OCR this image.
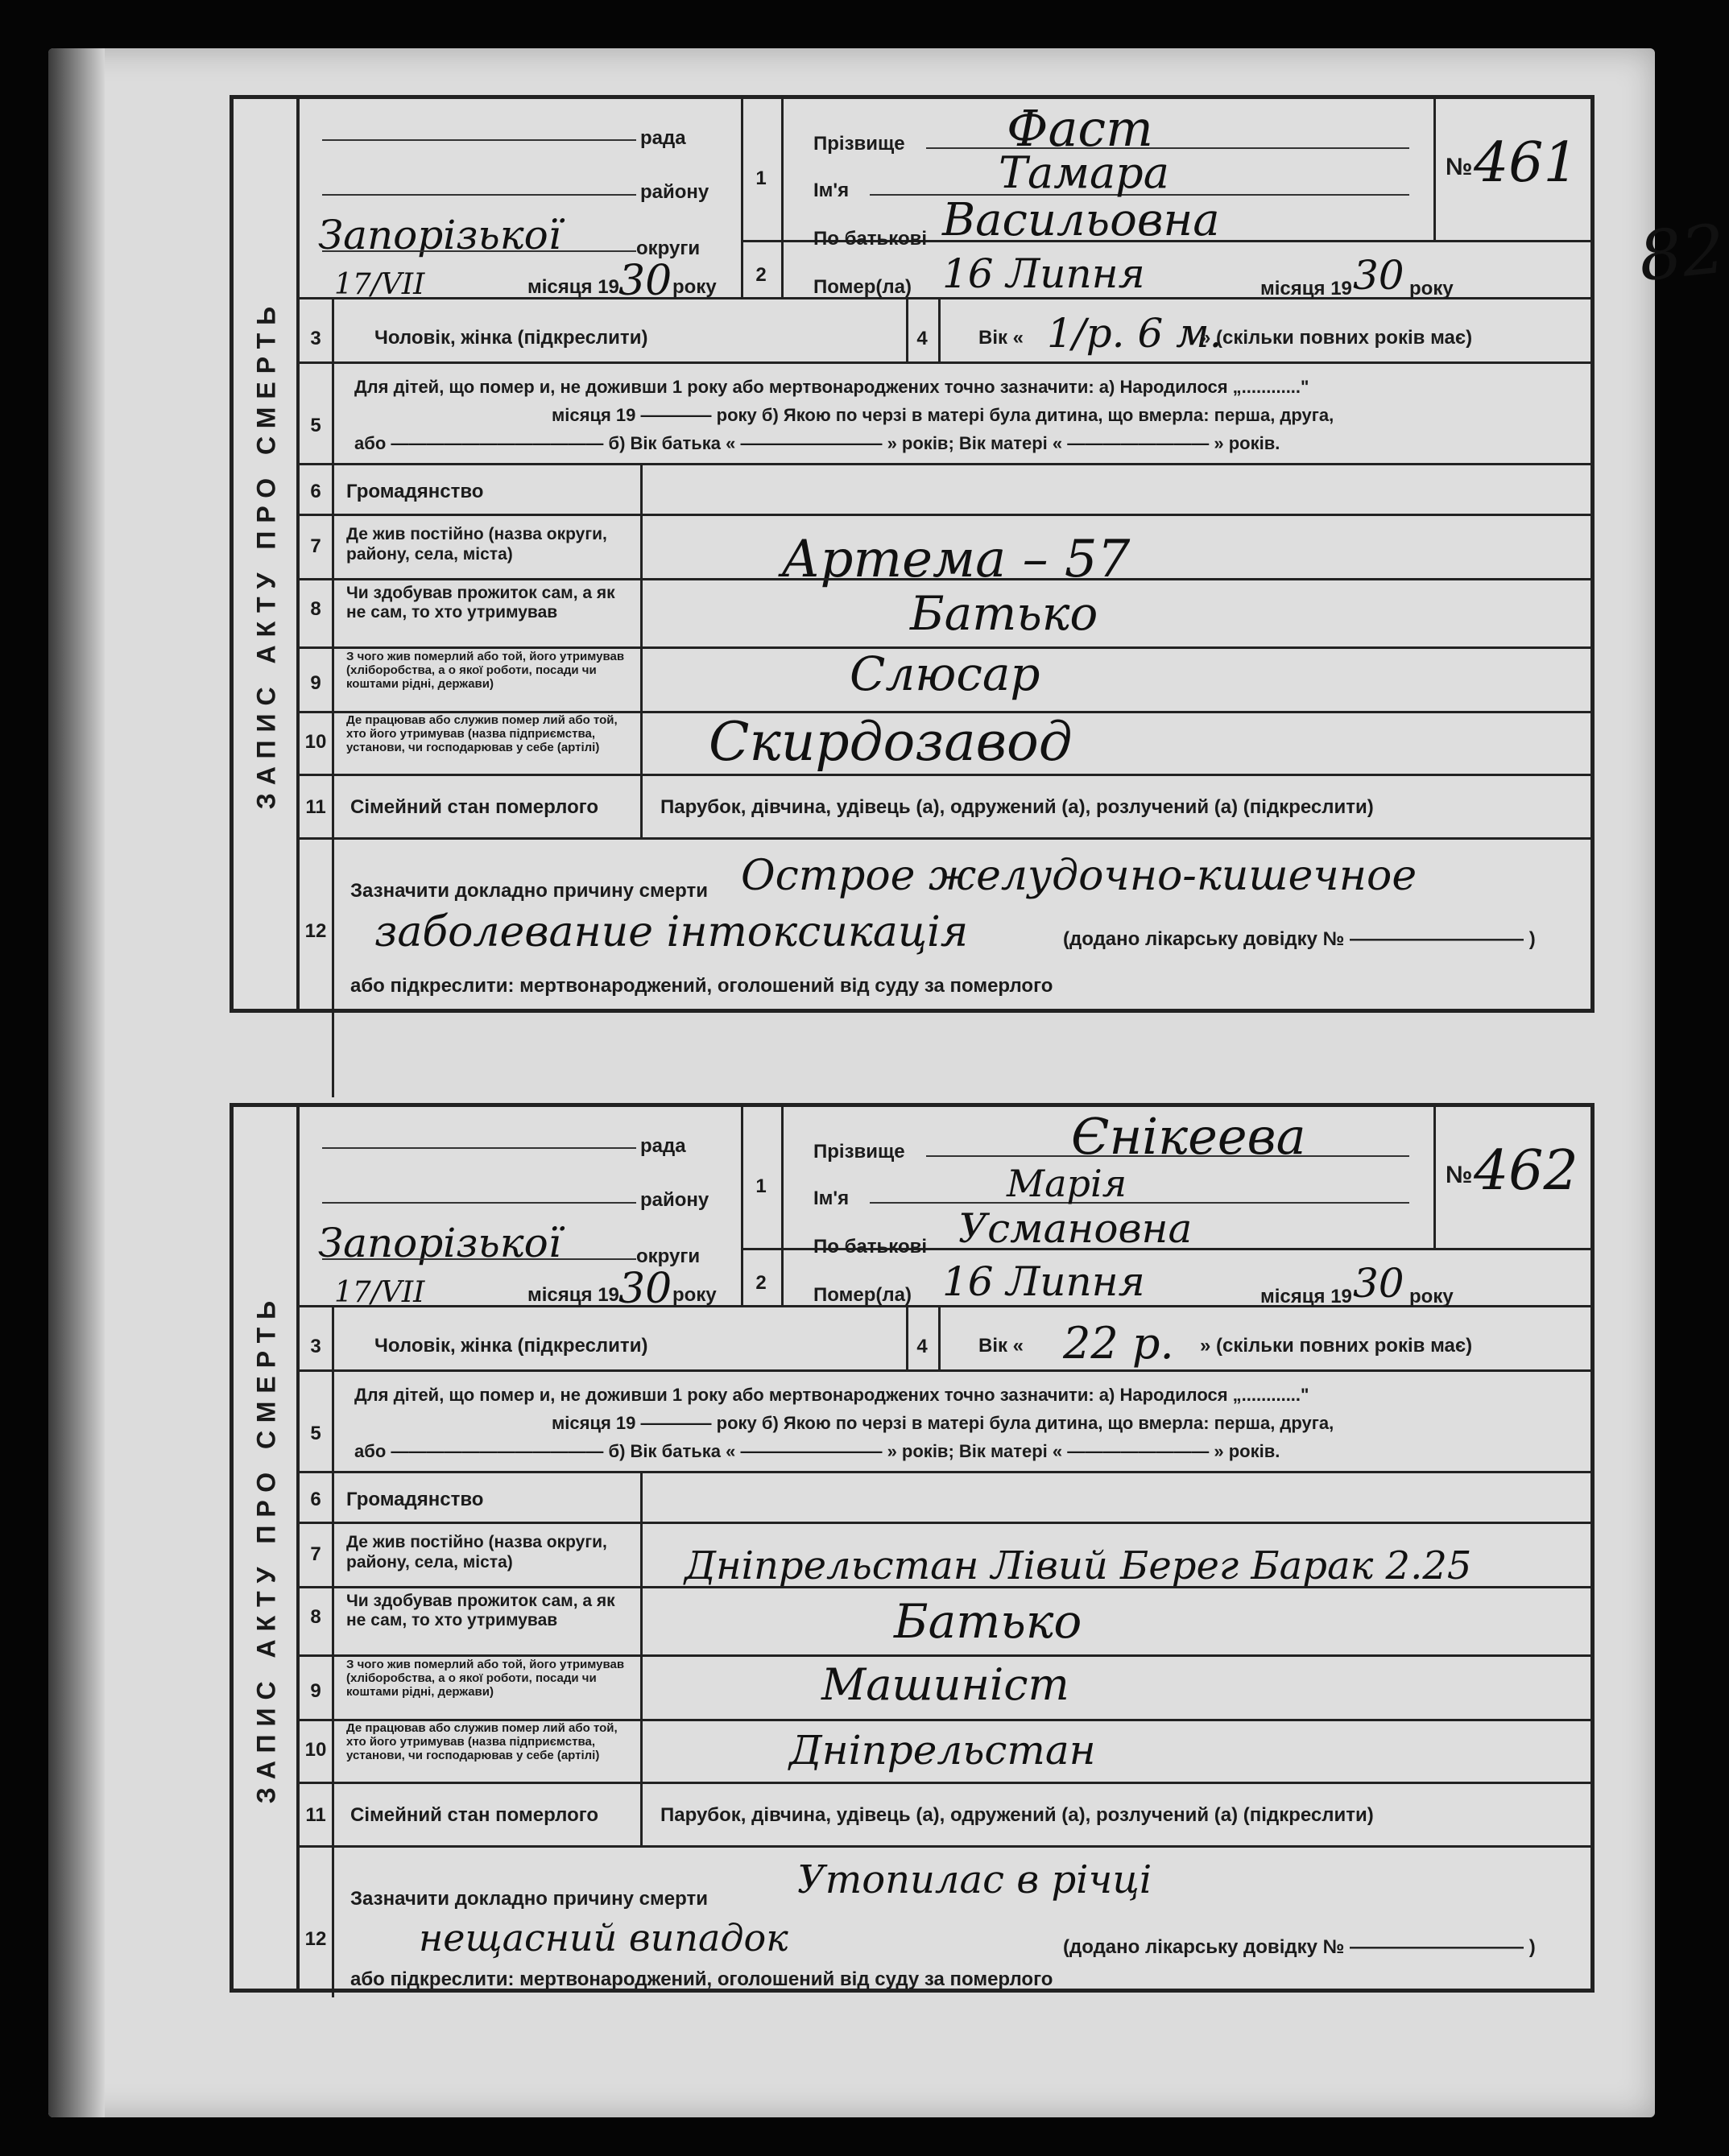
82
ЗАПИС АКТУ ПРО СМЕРТЬ
рада
району
Запорізької	округи
17/VII	місяця 19 30 року
1
2
Прізвище Фаст
Ім'я	Тамара
По батькові Васильовна
Помер(ла) 16 Липня	місяця 19 30 року
№ 461
3	Чоловік, жінка (підкреслити)	4	Вік « 1/р. 6 м.
» (скільки повних років має)
5
Для дітей, що помер и, не доживши 1 року або мертвонароджених точно зазначити: а) Народилося „............"
місяця 19 ———— року б) Якою по черзі в матері була дитина, що вмерла: перша, друга,
або ———————————— б) Вік батька « ———————— » років; Вік матері « ———————— » років.
6	Громадянство
7
Де жив постійно (назва округи, району, села, міста)	Артема – 57
8
Чи здобував прожиток сам, а як не сам, то хто утримував	Батько
9
З чого жив померлий або той, його утримував (хліборобства, а о якої роботи, посади чи коштами рідні, держави)	Слюсар
10
Де працював або служив помер лий або той, хто його утримував (назва підприємства, установи, чи господарював у себе (артілі)	Скирдозавод
11	Сімейний стан померлого	Парубок, дівчина, удівець (а), одружений (а), розлучений (а) (підкреслити)
12
Зазначити докладно причину смерти Острое желудочно-кишечное
заболевание інтоксикація	(додано лікарську довідку № ————————— )
або підкреслити: мертвонароджений, оголошений від суду за померлого
ЗАПИС АКТУ ПРО СМЕРТЬ
рада
району
Запорізької	округи
17/VII	місяця 19 30 року
1
2
Прізвище	Єнікеева
Ім'я	Марія
По батькові Усмановна
Помер(ла) 16 Липня	місяця 19 30 року
№ 462
3	Чоловік, жінка (підкреслити)	4	Вік « 22 р. » (скільки повних років має)
5
Для дітей, що помер и, не доживши 1 року або мертвонароджених точно зазначити: а) Народилося „............"
місяця 19 ———— року б) Якою по черзі в матері була дитина, що вмерла: перша, друга,
або ———————————— б) Вік батька « ———————— » років; Вік матері « ———————— » років.
6	Громадянство
7
Де жив постійно (назва округи, району, села, міста)	Дніпрельстан Лівий Берег Барак 2.25
8
Чи здобував прожиток сам, а як не сам, то хто утримував	Батько
9
З чого жив померлий або той, його утримував (хліборобства, а о якої роботи, посади чи коштами рідні, держави)	Машиніст
10
Де працював або служив помер лий або той, хто його утримував (назва підприємства, установи, чи господарював у себе (артілі)	Дніпрельстан
11	Сімейний стан померлого	Парубок, дівчина, удівець (а), одружений (а), розлучений (а) (підкреслити)
12
Зазначити докладно причину смерти Утопилас в річці
нещасний випадок	(додано лікарську довідку № ————————— )
або підкреслити: мертвонароджений, оголошений від суду за померлого
